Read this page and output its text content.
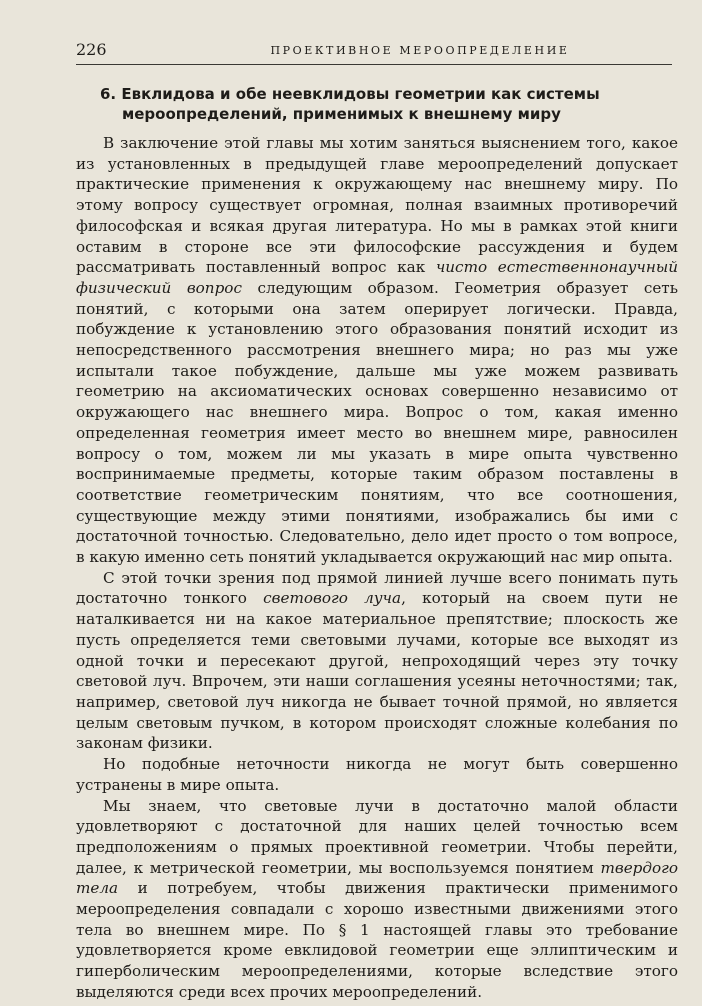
226	ПРОЕКТИВНОЕ МЕРООПРЕДЕЛЕНИЕ
6. Евклидова и обе неевклидовы геометрии как системы
мероопределений, применимых к внешнему миру

В заключение этой главы мы хотим заняться выяснением того, какое из установленных в предыдущей главе мероопределений допускает практические применения к окружающему нас внешнему миру. По этому вопросу существует огромная, полная взаимных противоречий философская и всякая другая литература. Но мы в рамках этой книги оставим в стороне все эти философские рассуждения и будем рассматривать поставленный вопрос как чисто естественнонаучный физический вопрос следующим образом. Геометрия образует сеть понятий, с которыми она затем оперирует логически. Правда, побуждение к установлению этого образования понятий исходит из непосредственного рассмотрения внешнего мира; но раз мы уже испытали такое побуждение, дальше мы уже можем развивать геометрию на аксиоматических основах совершенно независимо от окружающего нас внешнего мира. Вопрос о том, какая именно определенная геометрия имеет место во внешнем мире, равносилен вопросу о том, можем ли мы указать в мире опыта чувственно воспринимаемые предметы, которые таким образом поставлены в соответствие геометрическим понятиям, что все соотношения, существующие между этими понятиями, изображались бы ими с достаточной точностью. Следовательно, дело идет просто о том вопросе, в какую именно сеть понятий укладывается окружающий нас мир опыта.

С этой точки зрения под прямой линией лучше всего понимать путь достаточно тонкого светового луча, который на своем пути не наталкивается ни на какое материальное препятствие; плоскость же пусть определяется теми световыми лучами, которые все выходят из одной точки и пересекают другой, непроходящий через эту точку световой луч. Впрочем, эти наши соглашения усеяны неточностями; так, например, световой луч никогда не бывает точной прямой, но является целым световым пучком, в котором происходят сложные колебания по законам физики.

Но подобные неточности никогда не могут быть совершенно устранены в мире опыта.

Мы знаем, что световые лучи в достаточно малой области удовлетворяют с достаточной для наших целей точностью всем предположениям о прямых проективной геометрии. Чтобы перейти, далее, к метрической геометрии, мы воспользуемся понятием твердого тела и потребуем, чтобы движения практически применимого мероопределения совпадали с хорошо известными движениями этого тела во внешнем мире. По § 1 настоящей главы это требование удовлетворяется кроме евклидовой геометрии еще эллиптическим и гиперболическим мероопределениями, которые вследствие этого выделяются среди всех прочих мероопределений.
